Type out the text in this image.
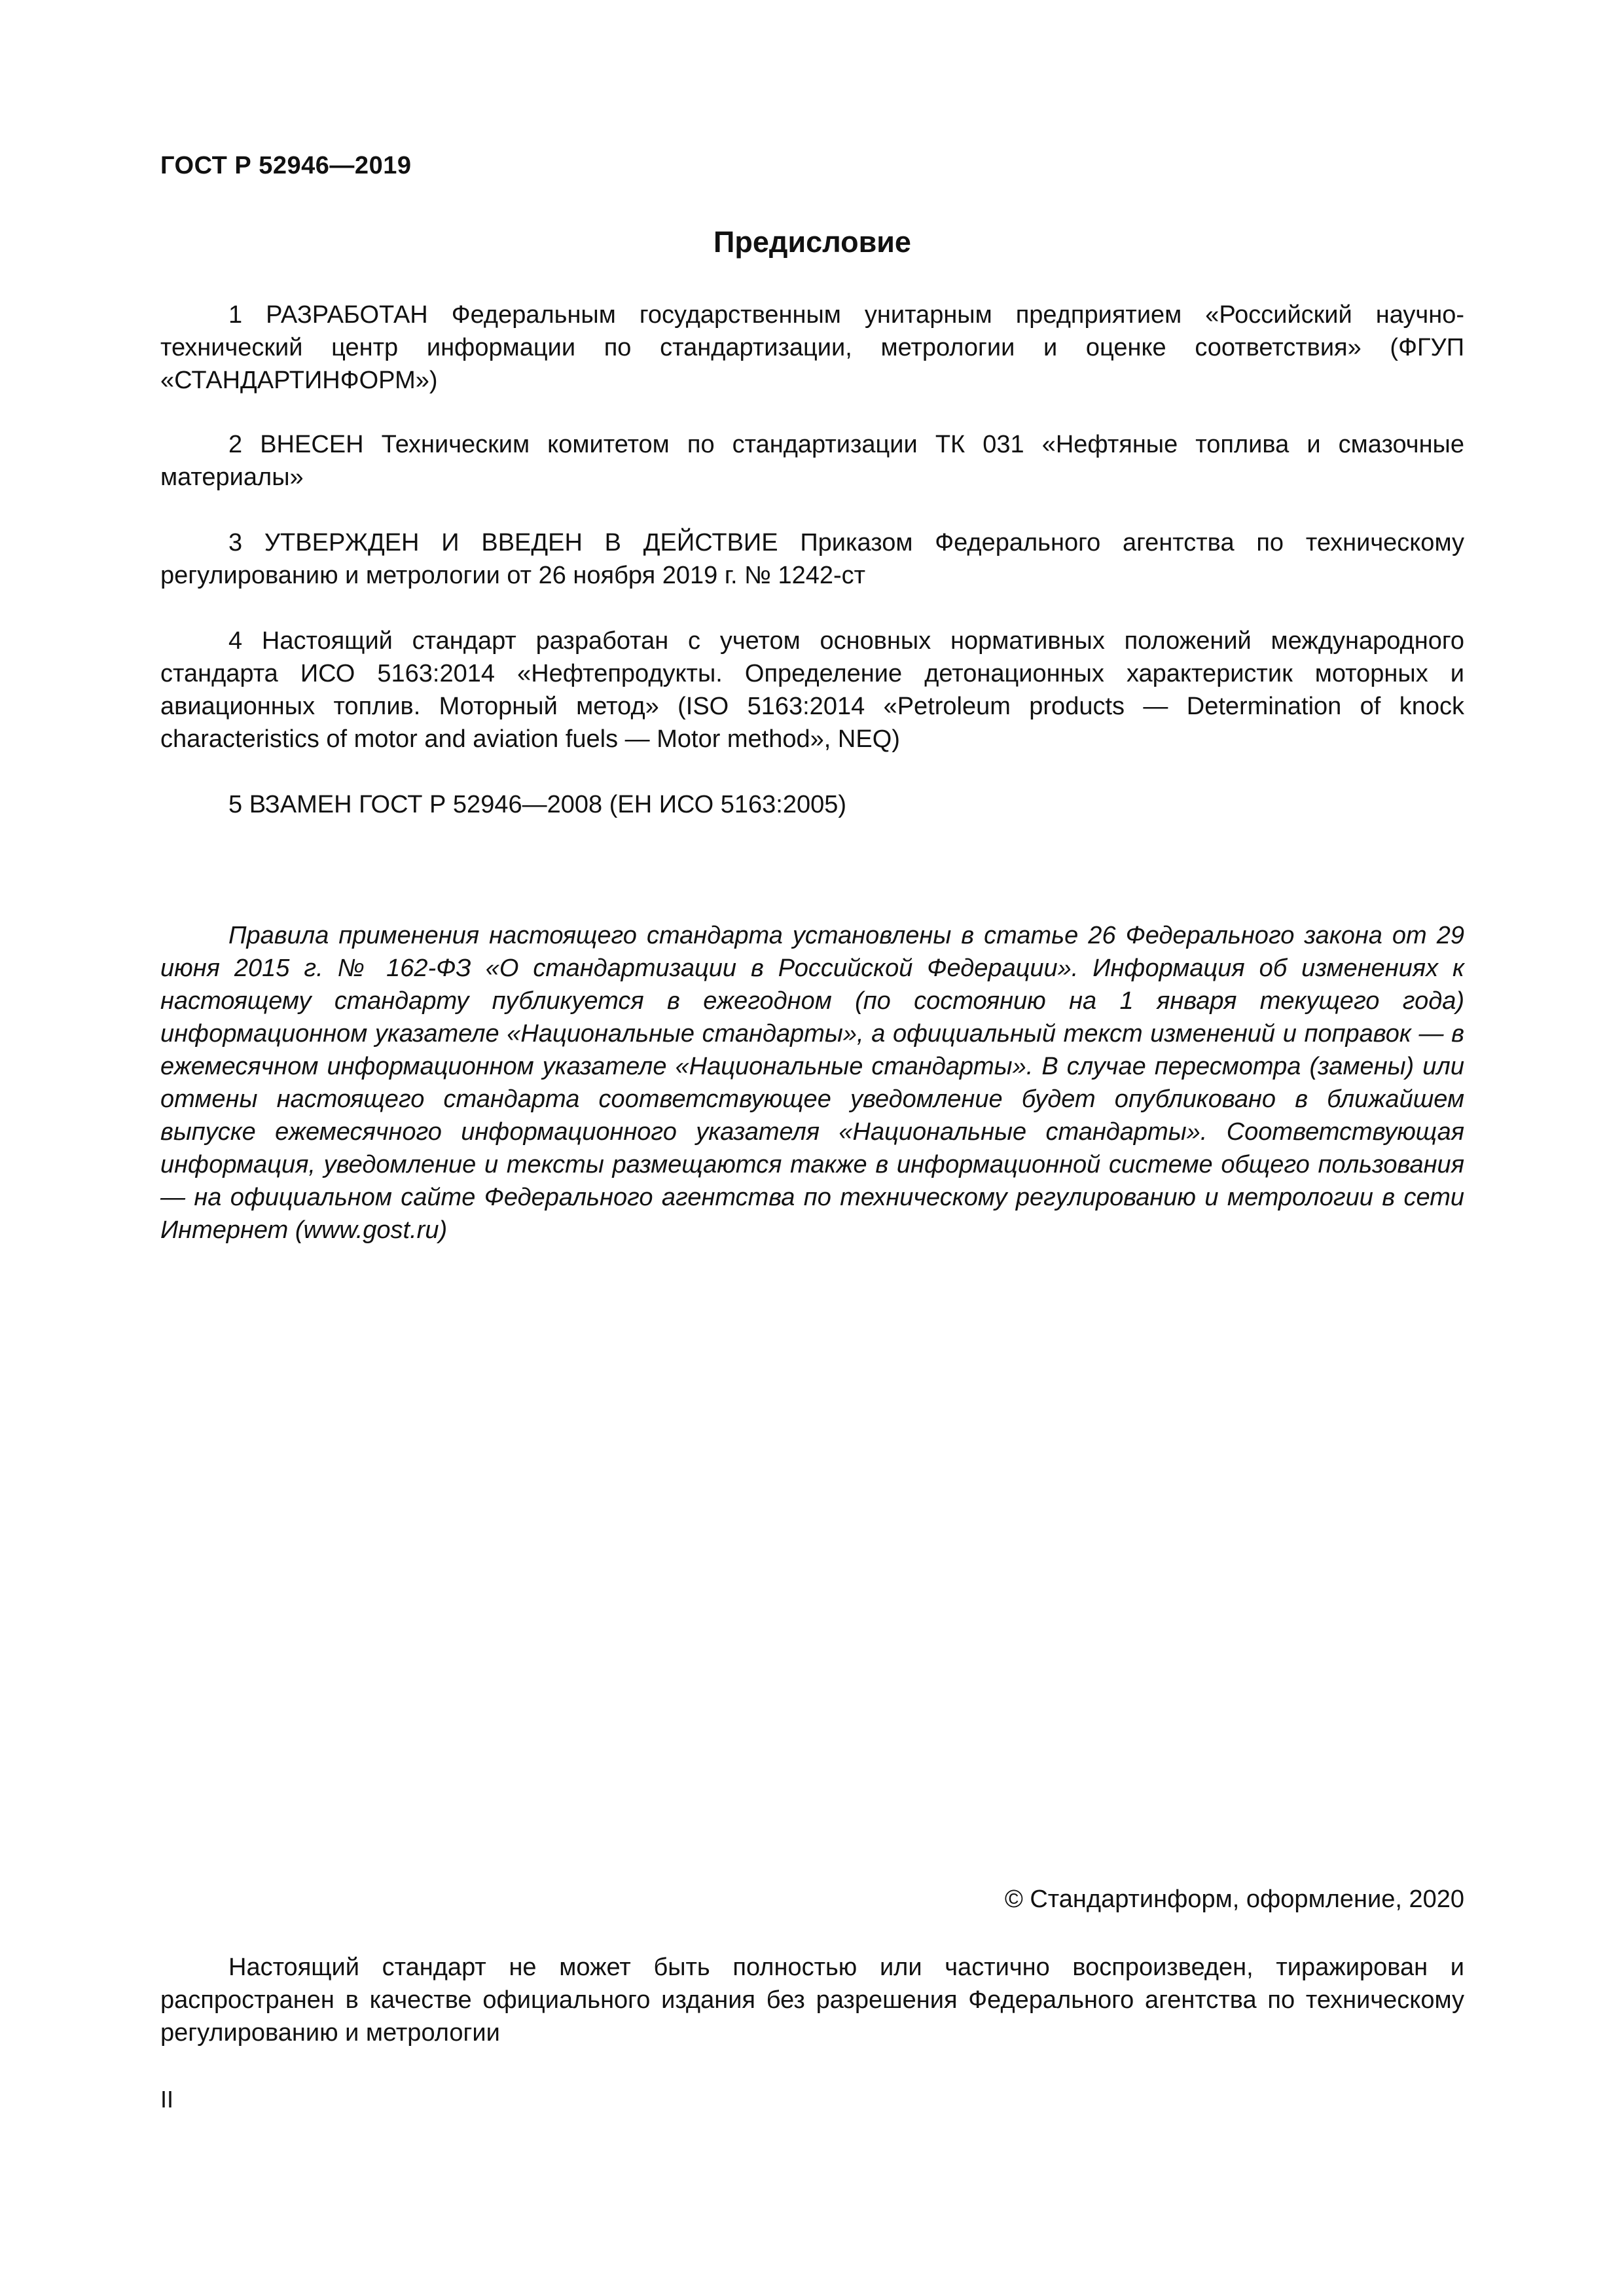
ГОСТ Р 52946—2019

Предисловие

1 РАЗРАБОТАН Федеральным государственным унитарным предприятием «Российский научно-технический центр информации по стандартизации, метрологии и оценке соответствия» (ФГУП «СТАНДАРТИНФОРМ»)

2 ВНЕСЕН Техническим комитетом по стандартизации ТК 031 «Нефтяные топлива и смазочные материалы»

3 УТВЕРЖДЕН И ВВЕДЕН В ДЕЙСТВИЕ Приказом Федерального агентства по техническому регулированию и метрологии от 26 ноября 2019 г. № 1242-ст

4 Настоящий стандарт разработан с учетом основных нормативных положений международного стандарта ИСО 5163:2014 «Нефтепродукты. Определение детонационных характеристик моторных и авиационных топлив. Моторный метод» (ISO 5163:2014 «Petroleum products — Determination of knock characteristics of motor and aviation fuels — Motor method», NEQ)

5 ВЗАМЕН ГОСТ Р 52946—2008 (ЕН ИСО 5163:2005)

Правила применения настоящего стандарта установлены в статье 26 Федерального закона от 29 июня 2015 г. № 162-ФЗ «О стандартизации в Российской Федерации». Информация об изменениях к настоящему стандарту публикуется в ежегодном (по состоянию на 1 января текущего года) информационном указателе «Национальные стандарты», а официальный текст изменений и поправок — в ежемесячном информационном указателе «Национальные стандарты». В случае пересмотра (замены) или отмены настоящего стандарта соответствующее уведомление будет опубликовано в ближайшем выпуске ежемесячного информационного указателя «Национальные стандарты». Соответствующая информация, уведомление и тексты размещаются также в информационной системе общего пользования — на официальном сайте Федерального агентства по техническому регулированию и метрологии в сети Интернет (www.gost.ru)

© Стандартинформ, оформление, 2020

Настоящий стандарт не может быть полностью или частично воспроизведен, тиражирован и распространен в качестве официального издания без разрешения Федерального агентства по техническому регулированию и метрологии

II
